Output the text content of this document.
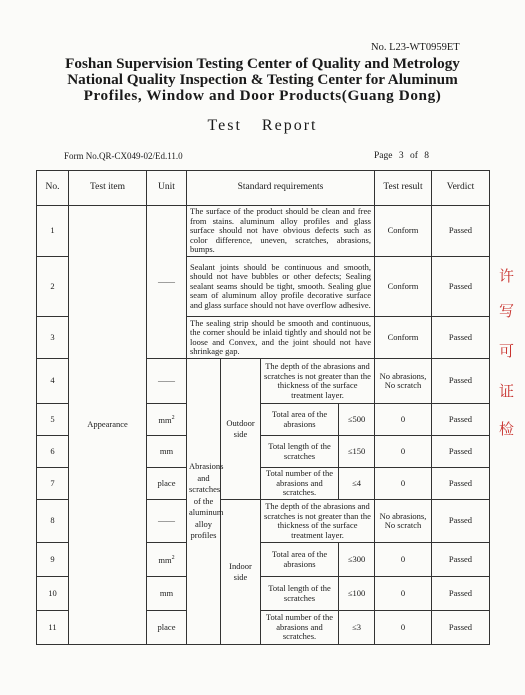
No. L23-WT0959ET
Foshan Supervision Testing Center of Quality and Metrology
National Quality Inspection & Testing Center for Aluminum
Profiles, Window and Door Products(Guang Dong)
Test Report
Form No.QR-CX049-02/Ed.11.0	Page 3 of 8
许
写
可
证
检
No.	Test item	Unit	Standard requirements				Test result	Verdict
1	Appearance	——	The surface of the product should be clean and free from stains. aluminum alloy profiles and glass surface should not have obvious defects such as color difference, uneven, scratches, abrasions, bumps.				Conform	Passed
2			Sealant joints should be continuous and smooth, should not have bubbles or other defects; Sealing sealant seams should be tight, smooth. Sealing glue seam of aluminum alloy profile decorative surface and glass surface should not have overflow adhesive.				Conform	Passed
3			The sealing strip should be smooth and continuous, the corner should be inlaid tightly and should not be loose and Convex, and the joint should not have shrinkage gap.				Conform	Passed
4		——	Abrasions and scratches of the aluminum alloy profiles	Outdoor side	The depth of the abrasions and scratches is not greater than the thickness of the surface treatment layer.		No abrasions, No scratch	Passed
5		$mm^2$			Total area of the abrasions	≤500	0	Passed
6		mm			Total length of the scratches	≤150	0	Passed
7		place			Total number of the abrasions and scratches.	≤4	0	Passed
8		——		Indoor side	The depth of the abrasions and scratches is not greater than the thickness of the surface treatment layer.		No abrasions, No scratch	Passed
9		$mm^2$			Total area of the abrasions	≤300	0	Passed
10		mm			Total length of the scratches	≤100	0	Passed
11		place			Total number of the abrasions and scratches.	≤3	0	Passed
